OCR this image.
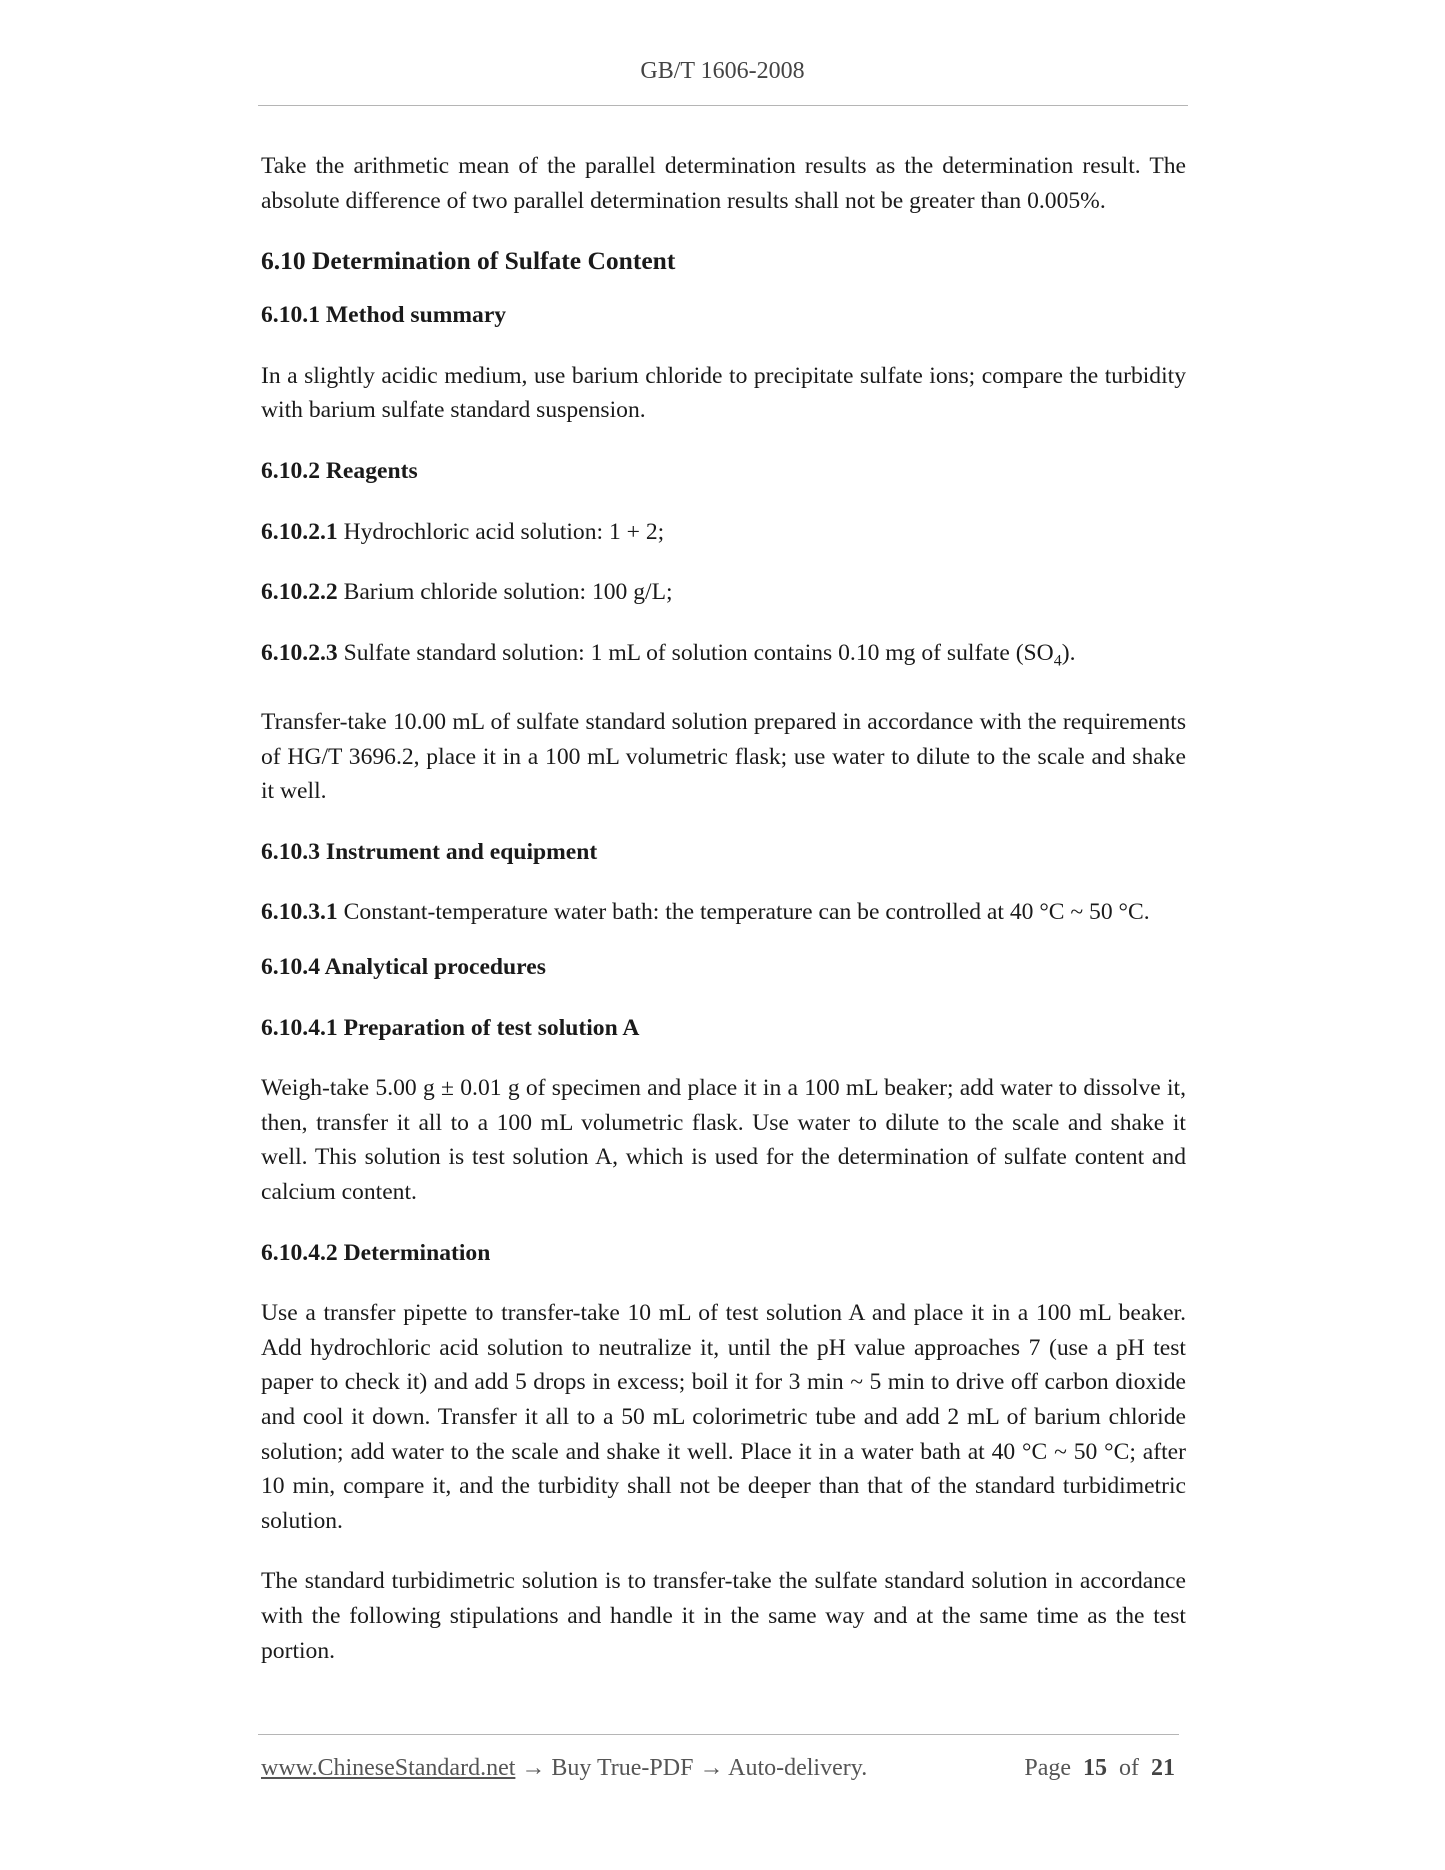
GB/T 1606-2008

Take the arithmetic mean of the parallel determination results as the determination result. The absolute difference of two parallel determination results shall not be greater than 0.005%.

6.10 Determination of Sulfate Content

6.10.1 Method summary

In a slightly acidic medium, use barium chloride to precipitate sulfate ions; compare the turbidity with barium sulfate standard suspension.

6.10.2 Reagents

6.10.2.1 Hydrochloric acid solution: 1 + 2;

6.10.2.2 Barium chloride solution: 100 g/L;

6.10.2.3 Sulfate standard solution: 1 mL of solution contains 0.10 mg of sulfate $(SO_4)$.

Transfer-take 10.00 mL of sulfate standard solution prepared in accordance with the requirements of HG/T 3696.2, place it in a 100 mL volumetric flask; use water to dilute to the scale and shake it well.

6.10.3 Instrument and equipment

6.10.3.1 Constant-temperature water bath: the temperature can be controlled at 40 °C ~ 50 °C.

6.10.4 Analytical procedures

6.10.4.1 Preparation of test solution A

Weigh-take 5.00 g ± 0.01 g of specimen and place it in a 100 mL beaker; add water to dissolve it, then, transfer it all to a 100 mL volumetric flask. Use water to dilute to the scale and shake it well. This solution is test solution A, which is used for the determination of sulfate content and calcium content.

6.10.4.2 Determination

Use a transfer pipette to transfer-take 10 mL of test solution A and place it in a 100 mL beaker. Add hydrochloric acid solution to neutralize it, until the pH value approaches 7 (use a pH test paper to check it) and add 5 drops in excess; boil it for 3 min ~ 5 min to drive off carbon dioxide and cool it down. Transfer it all to a 50 mL colorimetric tube and add 2 mL of barium chloride solution; add water to the scale and shake it well. Place it in a water bath at 40 °C ~ 50 °C; after 10 min, compare it, and the turbidity shall not be deeper than that of the standard turbidimetric solution.

The standard turbidimetric solution is to transfer-take the sulfate standard solution in accordance with the following stipulations and handle it in the same way and at the same time as the test portion.

www.ChineseStandard.net → Buy True-PDF → Auto-delivery.	Page 15 of 21
